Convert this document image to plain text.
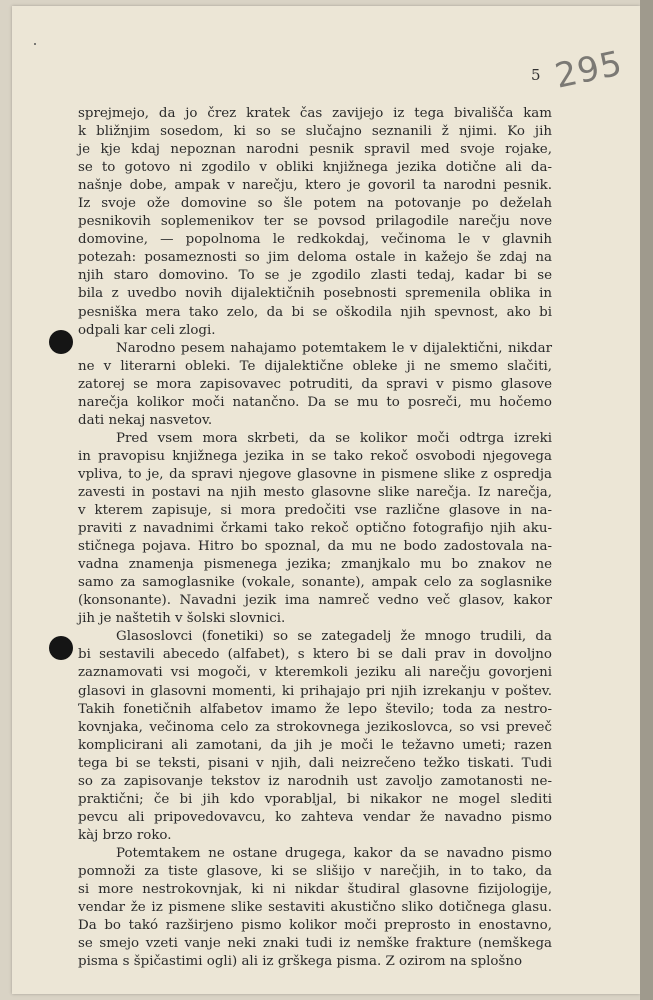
5 295

sprejmejo, da jo črez kratek čas zavijejo iz tega bivališča kam
k bližnjim sosedom, ki so se slučajno seznanili ž njimi. Ko jih
je kje kdaj nepoznan narodni pesnik spravil med svoje rojake,
se to gotovo ni zgodilo v obliki knjižnega jezika dotične ali da-
našnje dobe, ampak v narečju, ktero je govoril ta narodni pesnik.
Iz svoje ože domovine so šle potem na potovanje po deželah
pesnikovih soplemenikov ter se povsod prilagodile narečju nove
domovine, — popolnoma le redkokdaj, večinoma le v glavnih
potezah: posameznosti so jim deloma ostale in kažejo še zdaj na
njih staro domovino. To se je zgodilo zlasti tedaj, kadar bi se
bila z uvedbo novih dijalektičnih posebnosti spremenila oblika in
pesniška mera tako zelo, da bi se oškodila njih spevnost, ako bi
odpali kar celi zlogi.

Narodno pesem nahajamo potemtakem le v dijalektični, nikdar
ne v literarni obleki. Te dijalektične obleke ji ne smemo slačiti,
zatorej se mora zapisovavec potruditi, da spravi v pismo glasove
narečja kolikor moči natančno. Da se mu to posreči, mu hočemo
dati nekaj nasvetov.

Pred vsem mora skrbeti, da se kolikor moči odtrga izreki
in pravopisu knjižnega jezika in se tako rekoč osvobodi njegovega
vpliva, to je, da spravi njegove glasovne in pismene slike z ospredja
zavesti in postavi na njih mesto glasovne slike narečja. Iz narečja,
v kterem zapisuje, si mora predočiti vse različne glasove in na-
praviti z navadnimi črkami tako rekoč optično fotografijo njih aku-
stičnega pojava. Hitro bo spoznal, da mu ne bodo zadostovala na-
vadna znamenja pismenega jezika; zmanjkalo mu bo znakov ne
samo za samoglasnike (vokale, sonante), ampak celo za soglasnike
(konsonante). Navadni jezik ima namreč vedno več glasov, kakor
jih je naštetih v šolski slovnici.

Glasoslovci (fonetiki) so se zategadelj že mnogo trudili, da
bi sestavili abecedo (alfabet), s ktero bi se dali prav in dovoljno
zaznamovati vsi mogoči, v kteremkoli jeziku ali narečju govorjeni
glasovi in glasovni momenti, ki prihajajo pri njih izrekanju v poštev.
Takih fonetičnih alfabetov imamo že lepo število; toda za nestro-
kovnjaka, večinoma celo za strokovnega jezikoslovca, so vsi preveč
komplicirani ali zamotani, da jih je moči le težavno umeti; razen
tega bi se teksti, pisani v njih, dali neizrečeno težko tiskati. Tudi
so za zapisovanje tekstov iz narodnih ust zavoljo zamotanosti ne-
praktični; če bi jih kdo vporabljal, bi nikakor ne mogel slediti
pevcu ali pripovedovavcu, ko zahteva vendar že navadno pismo
kàj brzo roko.

Potemtakem ne ostane drugega, kakor da se navadno pismo
pomnoži za tiste glasove, ki se slišijo v narečjih, in to tako, da
si more nestrokovnjak, ki ni nikdar študiral glasovne fizijologije,
vendar že iz pismene slike sestaviti akustično sliko dotičnega glasu.
Da bo takó razširjeno pismo kolikor moči preprosto in enostavno,
se smejo vzeti vanje neki znaki tudi iz nemške frakture (nemškega
pisma s špičastimi ogli) ali iz grškega pisma. Z ozirom na splošno
